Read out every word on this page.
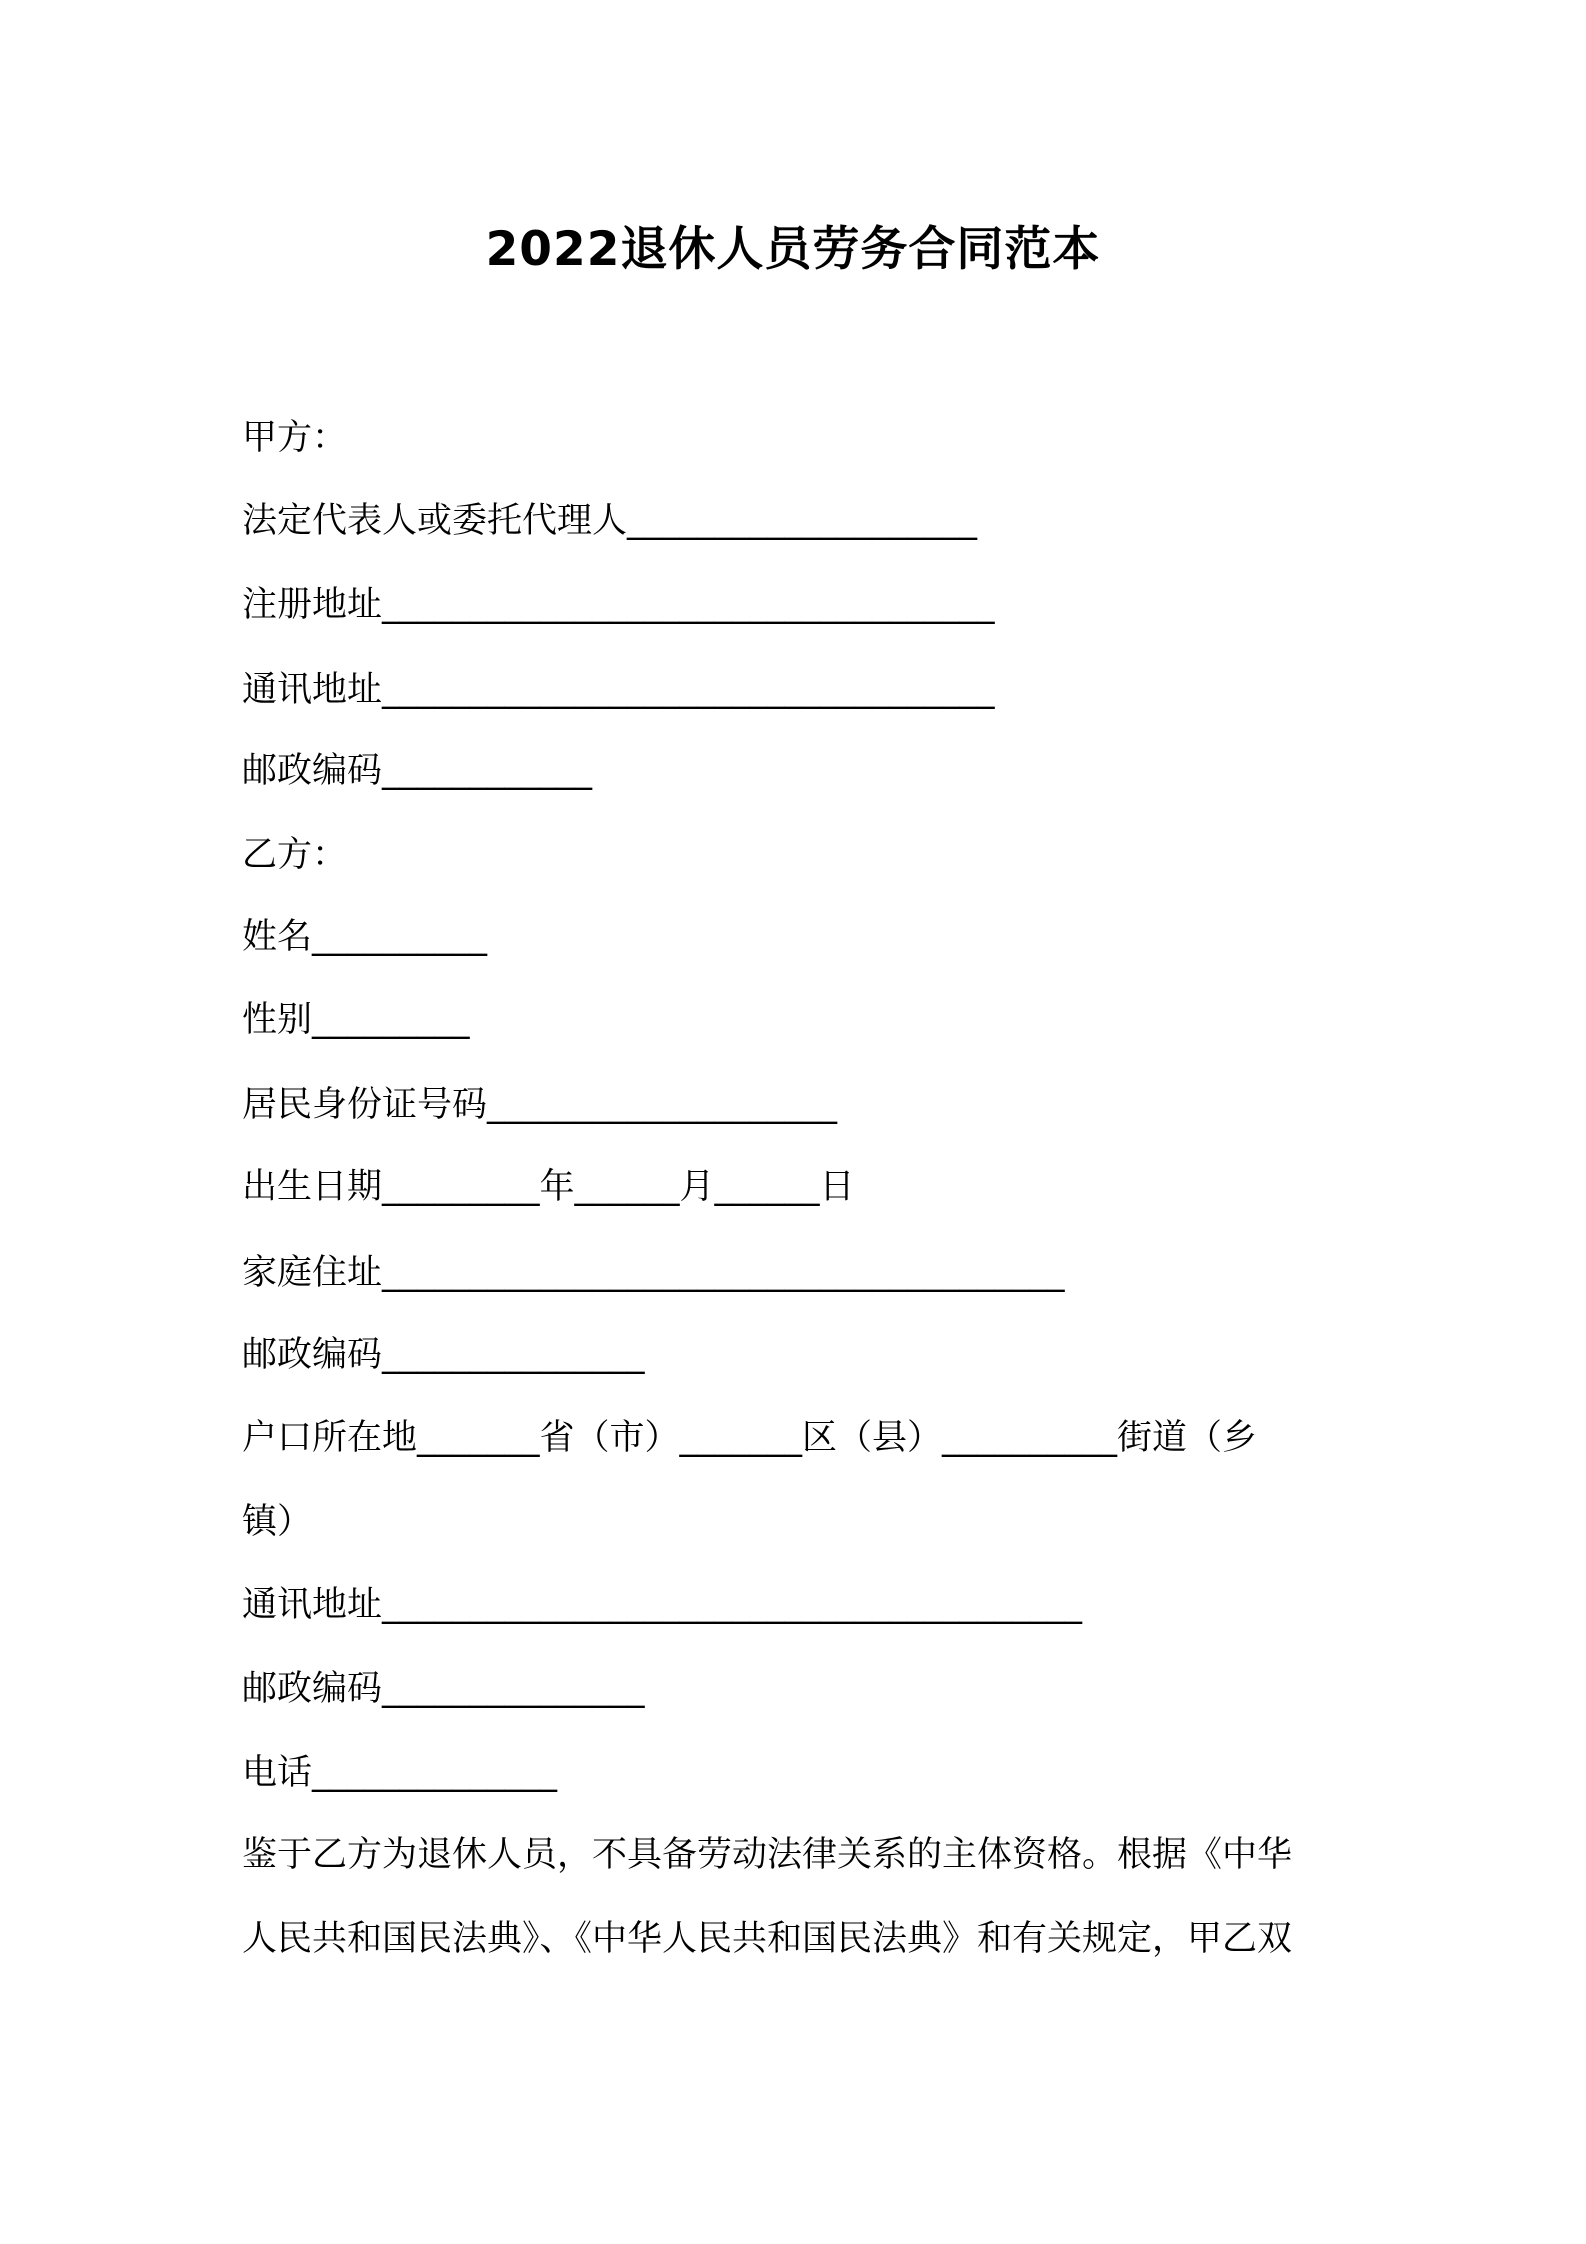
2022退休人员劳务合同范本

甲方：

法定代表人或委托代理人____________________

注册地址___________________________________

通讯地址___________________________________

邮政编码____________

乙方：

姓名__________

性别_________

居民身份证号码____________________

出生日期_________年______月______日

家庭住址_______________________________________

邮政编码_______________

户口所在地_______省（市）_______区（县）__________街道（乡

镇）

通讯地址________________________________________

邮政编码_______________

电话______________

鉴于乙方为退休人员，不具备劳动法律关系的主体资格。根据《中华

人民共和国民法典》、《中华人民共和国民法典》和有关规定，甲乙双
